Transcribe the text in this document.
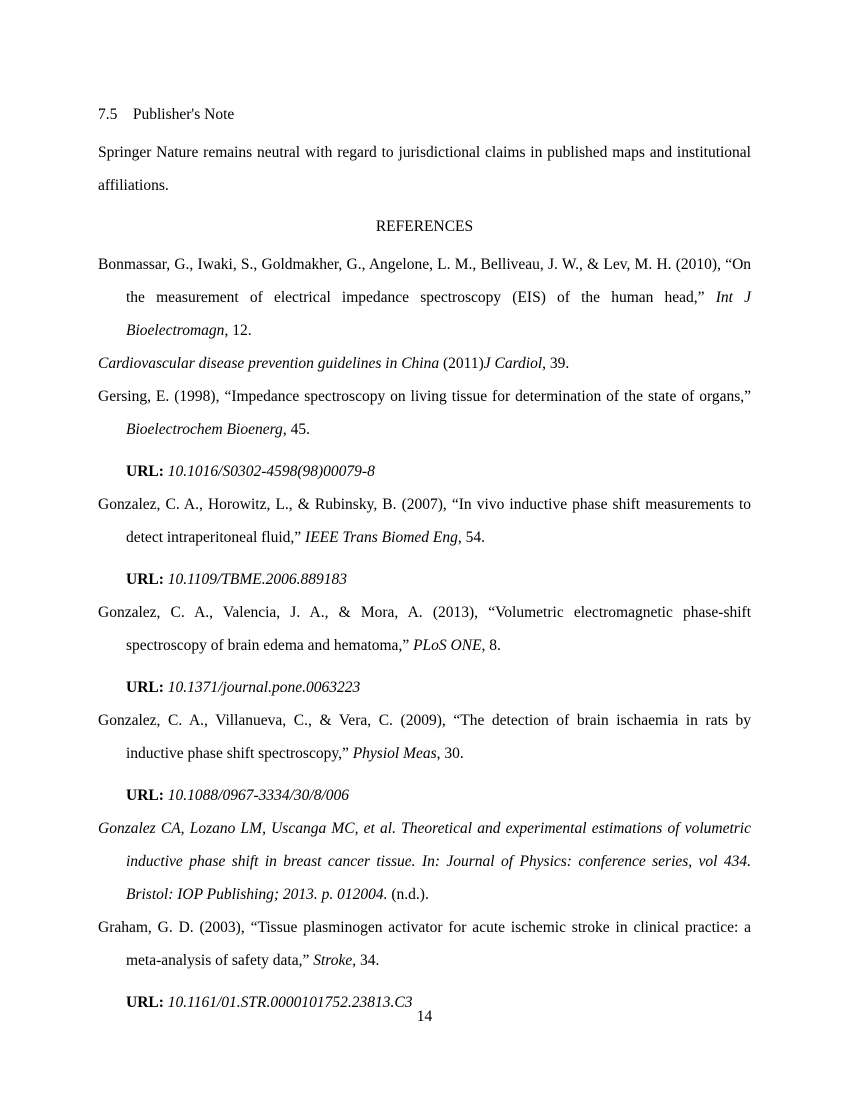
7.5    Publisher's Note
Springer Nature remains neutral with regard to jurisdictional claims in published maps and institutional affiliations.
REFERENCES
Bonmassar, G., Iwaki, S., Goldmakher, G., Angelone, L. M., Belliveau, J. W., & Lev, M. H. (2010), “On the measurement of electrical impedance spectroscopy (EIS) of the human head,” Int J Bioelectromagn, 12.
Cardiovascular disease prevention guidelines in China (2011)J Cardiol, 39.
Gersing, E. (1998), “Impedance spectroscopy on living tissue for determination of the state of organs,” Bioelectrochem Bioenerg, 45.
URL: 10.1016/S0302-4598(98)00079-8
Gonzalez, C. A., Horowitz, L., & Rubinsky, B. (2007), “In vivo inductive phase shift measurements to detect intraperitoneal fluid,” IEEE Trans Biomed Eng, 54.
URL: 10.1109/TBME.2006.889183
Gonzalez, C. A., Valencia, J. A., & Mora, A. (2013), “Volumetric electromagnetic phase-shift spectroscopy of brain edema and hematoma,” PLoS ONE, 8.
URL: 10.1371/journal.pone.0063223
Gonzalez, C. A., Villanueva, C., & Vera, C. (2009), “The detection of brain ischaemia in rats by inductive phase shift spectroscopy,” Physiol Meas, 30.
URL: 10.1088/0967-3334/30/8/006
Gonzalez CA, Lozano LM, Uscanga MC, et al. Theoretical and experimental estimations of volumetric inductive phase shift in breast cancer tissue. In: Journal of Physics: conference series, vol 434. Bristol: IOP Publishing; 2013. p. 012004. (n.d.).
Graham, G. D. (2003), “Tissue plasminogen activator for acute ischemic stroke in clinical practice: a meta-analysis of safety data,” Stroke, 34.
URL: 10.1161/01.STR.0000101752.23813.C3
14
